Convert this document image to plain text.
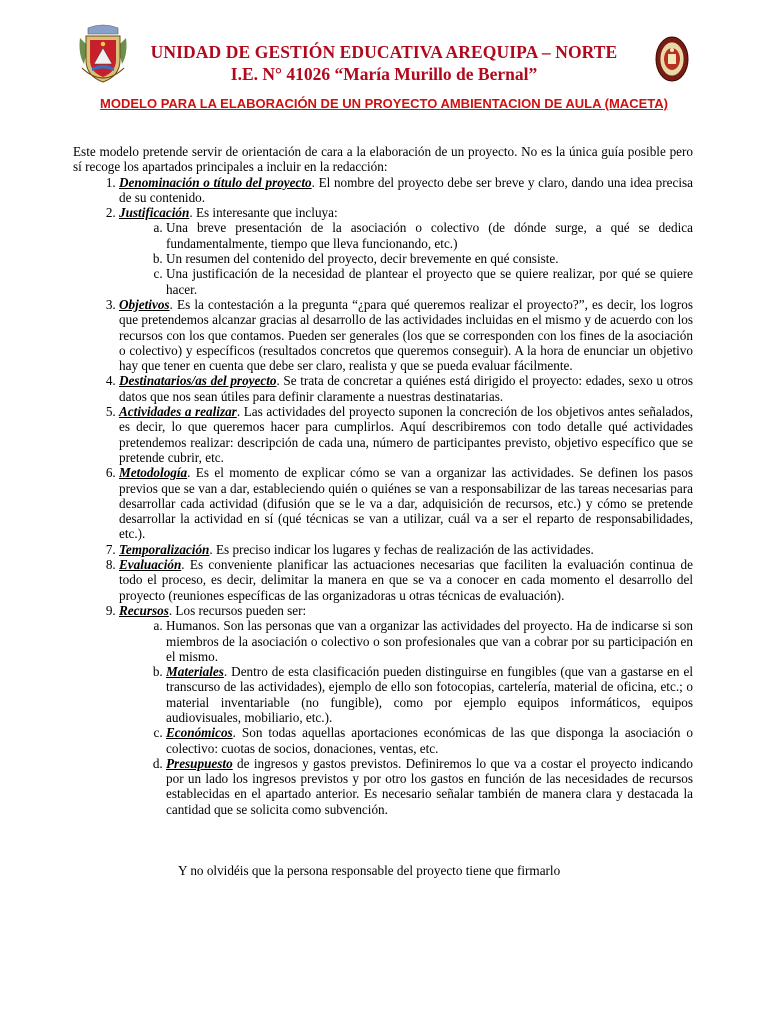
UNIDAD DE GESTIÓN EDUCATIVA AREQUIPA – NORTE
I.E. N° 41026 “María Murillo de Bernal”
MODELO PARA LA ELABORACIÓN DE UN PROYECTO AMBIENTACION DE AULA (MACETA)

Este modelo pretende servir de orientación de cara a la elaboración de un proyecto. No es la única guía posible pero sí recoge los apartados principales a incluir en la redacción:

1. Denominación o título del proyecto. El nombre del proyecto debe ser breve y claro, dando una idea precisa de su contenido.
2. Justificación. Es interesante que incluya:
a. Una breve presentación de la asociación o colectivo (de dónde surge, a qué se dedica fundamentalmente, tiempo que lleva funcionando, etc.)
b. Un resumen del contenido del proyecto, decir brevemente en qué consiste.
c. Una justificación de la necesidad de plantear el proyecto que se quiere realizar, por qué se quiere hacer.
3. Objetivos. Es la contestación a la pregunta “¿para qué queremos realizar el proyecto?”, es decir, los logros que pretendemos alcanzar gracias al desarrollo de las actividades incluidas en el mismo y de acuerdo con los recursos con los que contamos. Pueden ser generales (los que se corresponden con los fines de la asociación o colectivo) y específicos (resultados concretos que queremos conseguir). A la hora de enunciar un objetivo hay que tener en cuenta que debe ser claro, realista y que se pueda evaluar fácilmente.
4. Destinatarios/as del proyecto. Se trata de concretar a quiénes está dirigido el proyecto: edades, sexo u otros datos que nos sean útiles para definir claramente a nuestras destinatarias.
5. Actividades a realizar. Las actividades del proyecto suponen la concreción de los objetivos antes señalados, es decir, lo que queremos hacer para cumplirlos. Aquí describiremos con todo detalle qué actividades pretendemos realizar: descripción de cada una, número de participantes previsto, objetivo específico que se pretende cubrir, etc.
6. Metodología. Es el momento de explicar cómo se van a organizar las actividades. Se definen los pasos previos que se van a dar, estableciendo quién o quiénes se van a responsabilizar de las tareas necesarias para desarrollar cada actividad (difusión que se le va a dar, adquisición de recursos, etc.) y cómo se pretende desarrollar la actividad en sí (qué técnicas se van a utilizar, cuál va a ser el reparto de responsabilidades, etc.).
7. Temporalización. Es preciso indicar los lugares y fechas de realización de las actividades.
8. Evaluación. Es conveniente planificar las actuaciones necesarias que faciliten la evaluación continua de todo el proceso, es decir, delimitar la manera en que se va a conocer en cada momento el desarrollo del proyecto (reuniones específicas de las organizadoras u otras técnicas de evaluación).
9. Recursos. Los recursos pueden ser:
a. Humanos. Son las personas que van a organizar las actividades del proyecto. Ha de indicarse si son miembros de la asociación o colectivo o son profesionales que van a cobrar por su participación en el mismo.
b. Materiales. Dentro de esta clasificación pueden distinguirse en fungibles (que van a gastarse en el transcurso de las actividades), ejemplo de ello son fotocopias, cartelería, material de oficina, etc.; o material inventariable (no fungible), como por ejemplo equipos informáticos, equipos audiovisuales, mobiliario, etc.).
c. Económicos. Son todas aquellas aportaciones económicas de las que disponga la asociación o colectivo: cuotas de socios, donaciones, ventas, etc.
d. Presupuesto de ingresos y gastos previstos. Definiremos lo que va a costar el proyecto indicando por un lado los ingresos previstos y por otro los gastos en función de las necesidades de recursos establecidas en el apartado anterior. Es necesario señalar también de manera clara y destacada la cantidad que se solicita como subvención.
Y no olvidéis que la persona responsable del proyecto tiene que firmarlo
